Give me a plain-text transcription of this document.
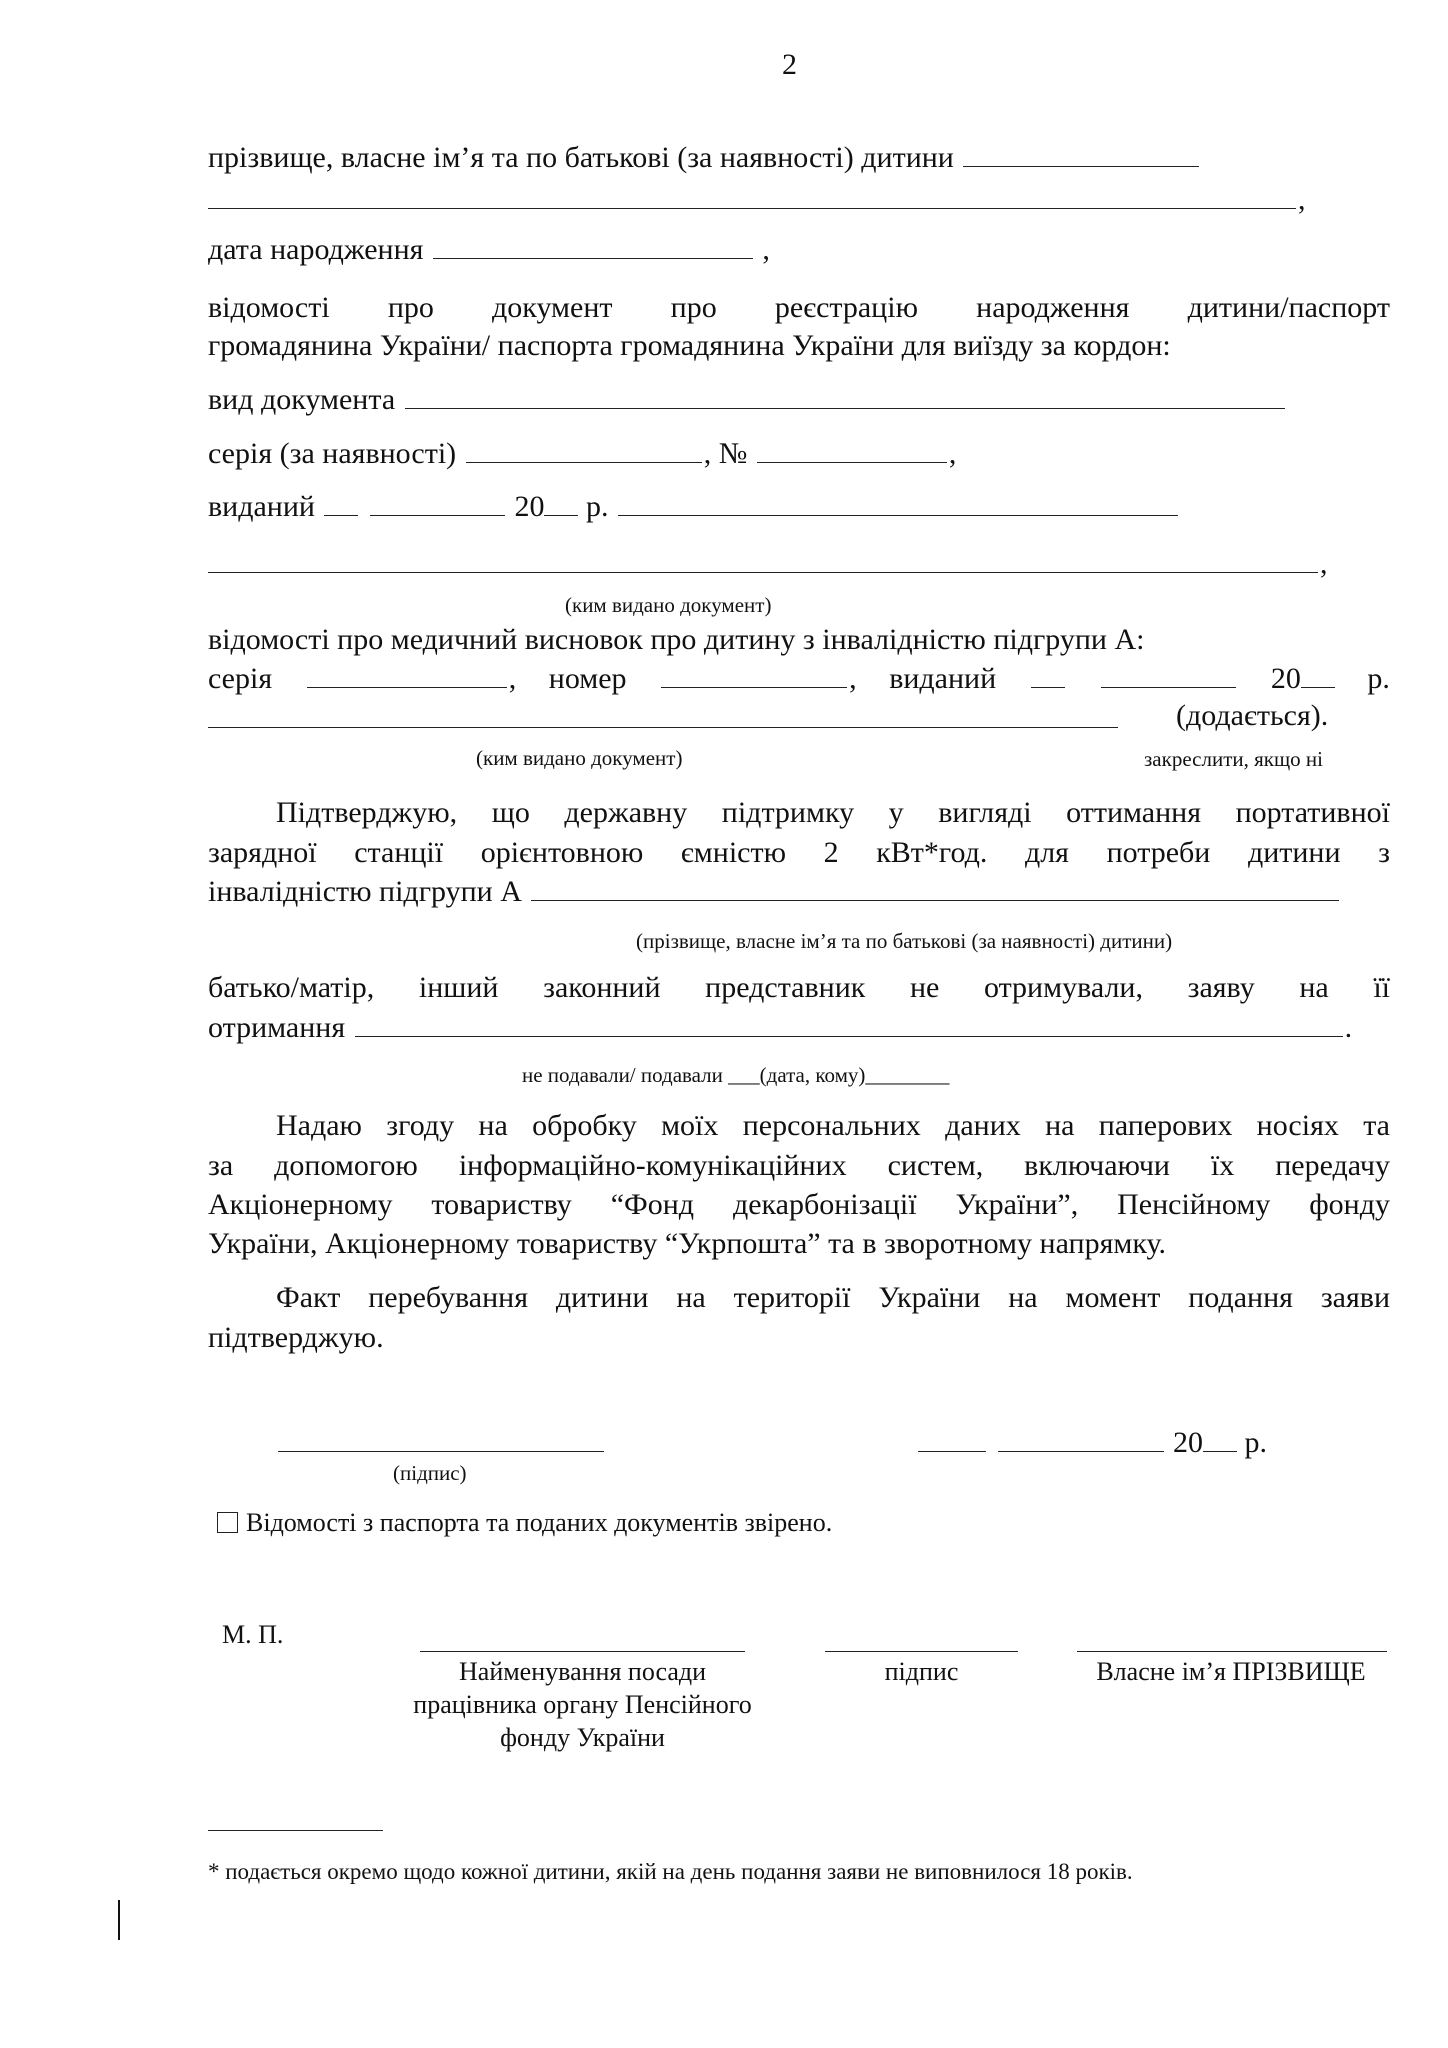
2
прізвище, власне ім’я та по батькові (за наявності) дитини
,
дата народження	,
відомості про документ про реєстрацію народження дитини/паспорт
громадянина України/ паспорта громадянина України для виїзду за кордон:
вид документа
серія (за наявності)	, №	,
виданий	20 р.
,
(ким видано документ)
відомості про медичний висновок про дитину з інвалідністю підгрупи А:
серія	, номер	, виданий	20	р.
(додається).
(ким видано документ)	закреслити, якщо ні
Підтверджую, що державну підтримку у вигляді оттимання портативної
зарядної станції орієнтовною ємністю 2 кВт*год. для потреби дитини з
інвалідністю підгрупи А
(прізвище, власне ім’я та по батькові (за наявності) дитини)
батько/матір, інший законний представник не отримували, заяву на її
отримання	.
не подавали/ подавали ___(дата, кому)________
Надаю згоду на обробку моїх персональних даних на паперових носіях та
за допомогою інформаційно-комунікаційних систем, включаючи їх передачу
Акціонерному товариству “Фонд декарбонізації України”, Пенсійному фонду
України, Акціонерному товариству “Укрпошта” та в зворотному напрямку.
Факт перебування дитини на території України на момент подання заяви
підтверджую.
(підпис)
20 р.
Відомості з паспорта та поданих документів звірено.
М. П.
Найменування посади
працівника органу Пенсійного
фонду України
підпис	Власне ім’я ПРІЗВИЩЕ
* подається окремо щодо кожної дитини, якій на день подання заяви не виповнилося 18 років.
